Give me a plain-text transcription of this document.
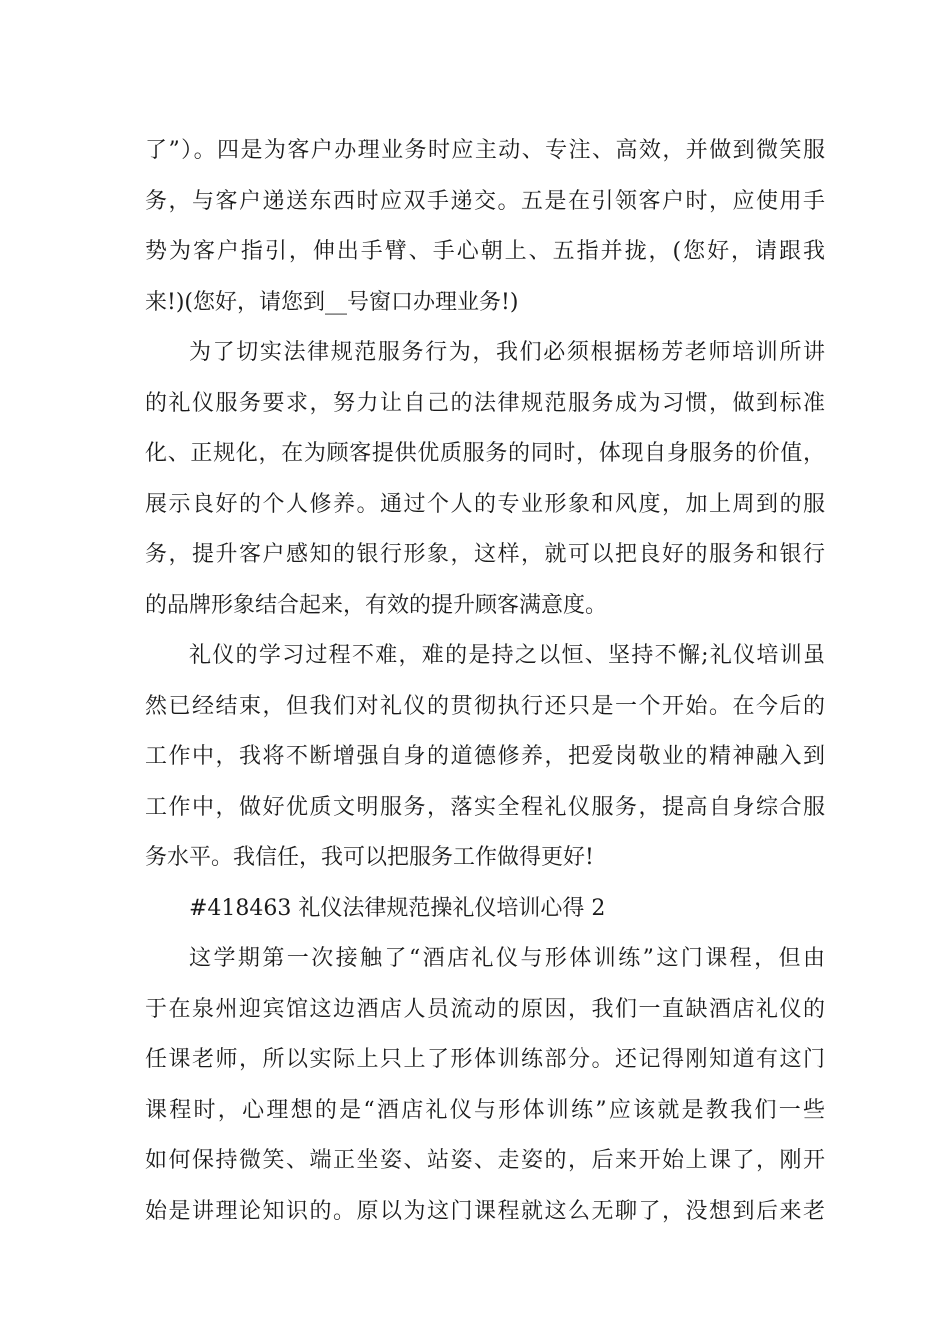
了”）。四是为客户办理业务时应主动、专注、高效，并做到微笑服
务，与客户递送东西时应双手递交。五是在引领客户时，应使用手
势为客户指引，伸出手臂、手心朝上、五指并拢，(您好，请跟我
来!)(您好，请您到__号窗口办理业务!)

为了切实法律规范服务行为，我们必须根据杨芳老师培训所讲
的礼仪服务要求，努力让自己的法律规范服务成为习惯，做到标准
化、正规化，在为顾客提供优质服务的同时，体现自身服务的价值，
展示良好的个人修养。通过个人的专业形象和风度，加上周到的服
务，提升客户感知的银行形象，这样，就可以把良好的服务和银行
的品牌形象结合起来，有效的提升顾客满意度。

礼仪的学习过程不难，难的是持之以恒、坚持不懈;礼仪培训虽
然已经结束，但我们对礼仪的贯彻执行还只是一个开始。在今后的
工作中，我将不断增强自身的道德修养，把爱岗敬业的精神融入到
工作中，做好优质文明服务，落实全程礼仪服务，提高自身综合服
务水平。我信任，我可以把服务工作做得更好!

#418463 礼仪法律规范操礼仪培训心得 2

这学期第一次接触了“酒店礼仪与形体训练”这门课程，但由
于在泉州迎宾馆这边酒店人员流动的原因，我们一直缺酒店礼仪的
任课老师，所以实际上只上了形体训练部分。还记得刚知道有这门
课程时，心理想的是“酒店礼仪与形体训练”应该就是教我们一些
如何保持微笑、端正坐姿、站姿、走姿的，后来开始上课了，刚开
始是讲理论知识的。原以为这门课程就这么无聊了，没想到后来老
